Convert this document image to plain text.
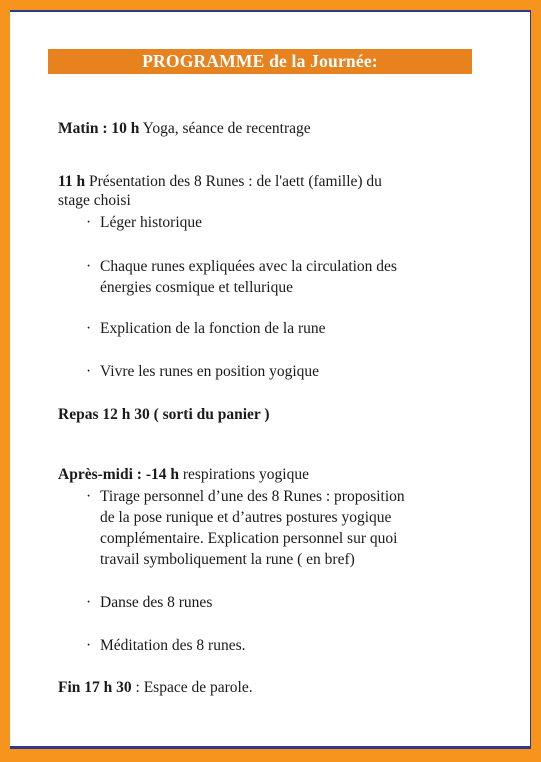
PROGRAMME de la Journée:
Matin : 10 h Yoga, séance de recentrage
11 h Présentation des 8 Runes : de l'aett (famille) du
stage choisi
· Léger historique
· Chaque runes expliquées avec la circulation des
énergies cosmique et tellurique
· Explication de la fonction de la rune
· Vivre les runes en position yogique
Repas 12 h 30 ( sorti du panier )
Après-midi : -14 h respirations yogique
· Tirage personnel d’une des 8 Runes : proposition
de la pose runique et d’autres postures yogique
complémentaire. Explication personnel sur quoi
travail symboliquement la rune ( en bref)
· Danse des 8 runes
· Méditation des 8 runes.
Fin 17 h 30 : Espace de parole.
